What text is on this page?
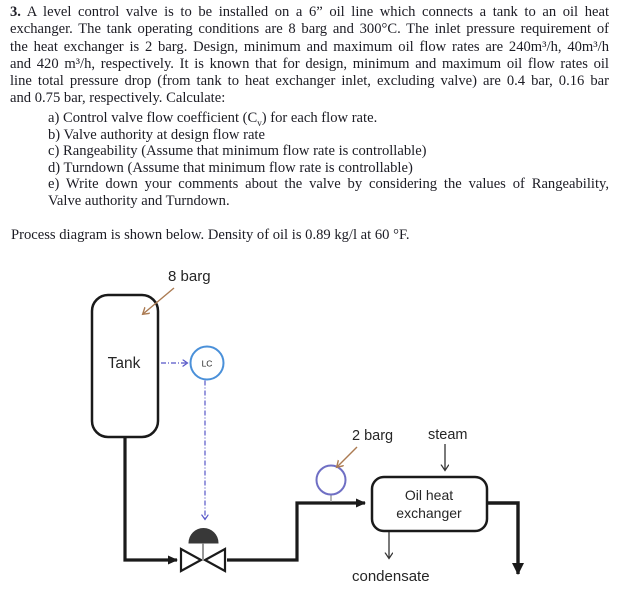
3. A level control valve is to be installed on a 6” oil line which connects a tank to an oil heat
exchanger. The tank operating conditions are 8 barg and 300°C. The inlet pressure requirement of
the heat exchanger is 2 barg. Design, minimum and maximum oil flow rates are 240m³/h, 40m³/h
and 420 m³/h, respectively. It is known that for design, minimum and maximum oil flow rates oil
line total pressure drop (from tank to heat exchanger inlet, excluding valve) are 0.4 bar, 0.16 bar
and 0.75 bar, respectively. Calculate:
a) Control valve flow coefficient $(C_v)$ for each flow rate.
b) Valve authority at design flow rate
c) Rangeability (Assume that minimum flow rate is controllable)
d) Turndown (Assume that minimum flow rate is controllable)
e) Write down your comments about the valve by considering the values of Rangeability,
Valve authority and Turndown.
Process diagram is shown below. Density of oil is 0.89 kg/l at 60 °F.
Tank
8 barg
LC
2 barg steam
Oil heat
exchanger
condensate
